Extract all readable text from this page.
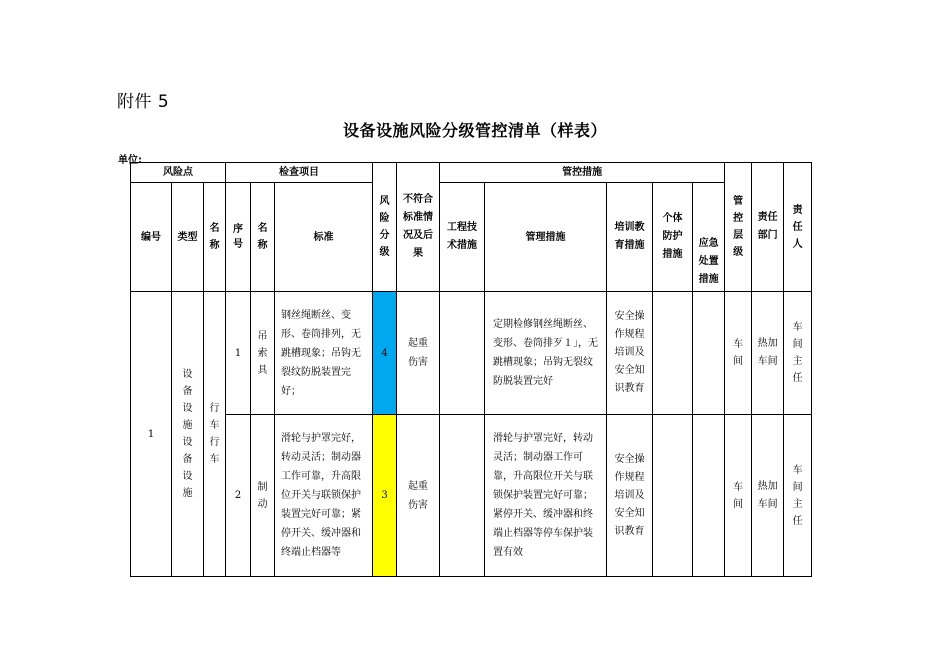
附件 5
设备设施风险分级管控清单（样表）
单位:
风险点			检查项目			风险分级	不符合标准情况及后果	管控措施					管控层级	责任部门	责任人
编号	类型	名称	序号	名称	标准			工程技术措施	管理措施	培训教育措施	个体防护措施	应急处置措施			
1	设备设施设备设施	行车行车	1	吊索具	钢丝绳断丝、变形、卷筒排列，无跳槽现象；吊钩无裂纹防脱装置完好；	4	起重伤害		定期检修钢丝绳断丝、变形、卷筒排歹１」，无跳槽现象；吊钩无裂纹防脱装置完好	安全操作规程培训及安全知识教育			车间	热加车间	车间主任
			2	制动	滑轮与护罩完好，转动灵活；制动器工作可靠，升高限位开关与联锁保护装置完好可靠；紧停开关、缓冲器和终端止档器等	3	起重伤害		滑轮与护罩完好，转动灵活；制动器工作可靠，升高限位开关与联锁保护装置完好可靠；紧停开关、缓冲器和终端止档器等停车保护装置有效	安全操作规程培训及安全知识教育			车间	热加车间	车间主任
